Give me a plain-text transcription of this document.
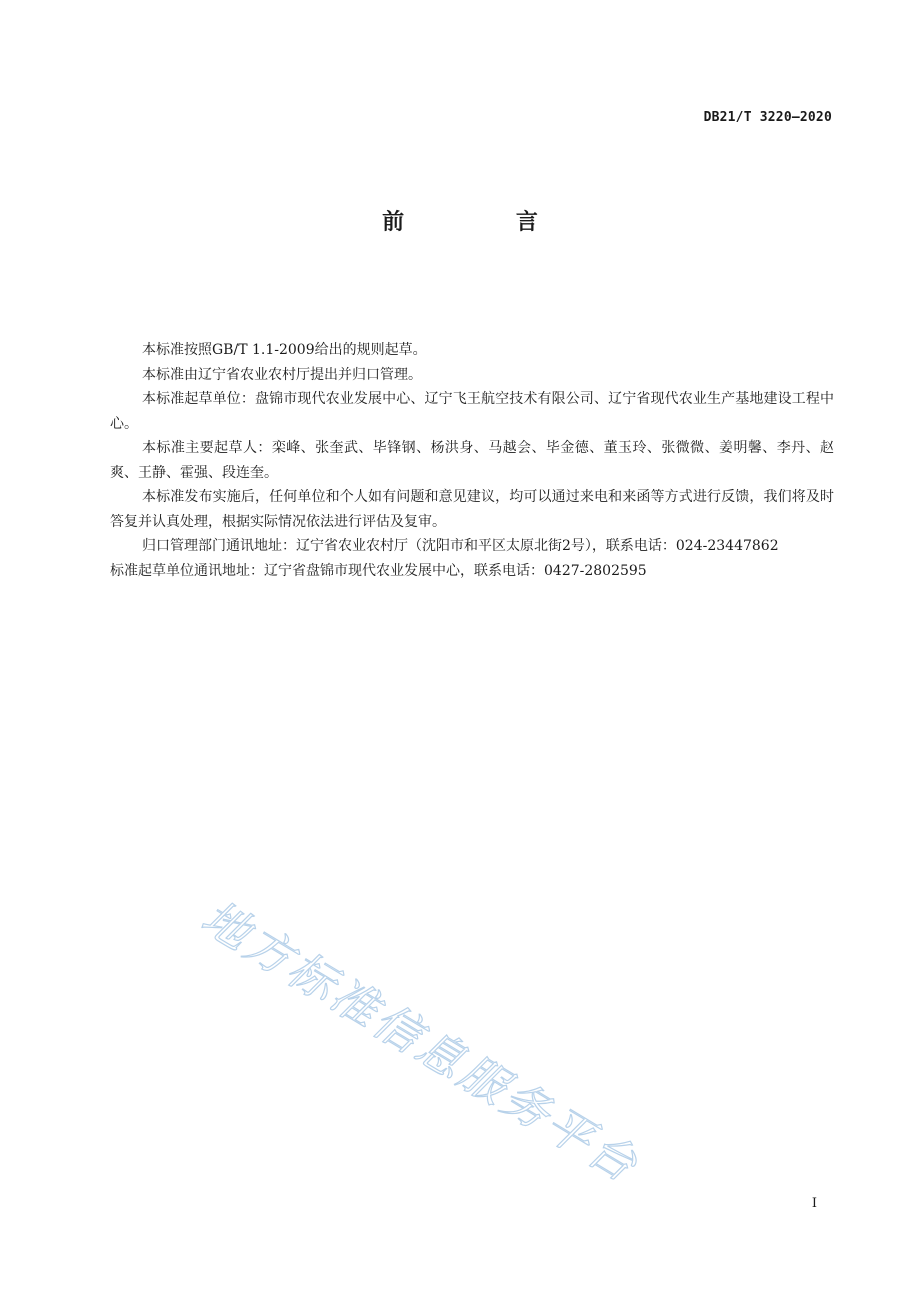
DB21/T 3220—2020
前 言

本标准按照GB/T 1.1-2009给出的规则起草。

本标准由辽宁省农业农村厅提出并归口管理。

本标准起草单位：盘锦市现代农业发展中心、辽宁飞王航空技术有限公司、辽宁省现代农业生产基地建设工程中心。

本标准主要起草人：栾峰、张奎武、毕锋钢、杨洪身、马越会、毕金德、董玉玲、张微微、姜明馨、李丹、赵爽、王静、霍强、段连奎。

本标准发布实施后，任何单位和个人如有问题和意见建议，均可以通过来电和来函等方式进行反馈，我们将及时答复并认真处理，根据实际情况依法进行评估及复审。

归口管理部门通讯地址：辽宁省农业农村厅（沈阳市和平区太原北街2号），联系电话：024-23447862

标准起草单位通讯地址：辽宁省盘锦市现代农业发展中心，联系电话：0427-2802595

地方标准信息服务平台
I
